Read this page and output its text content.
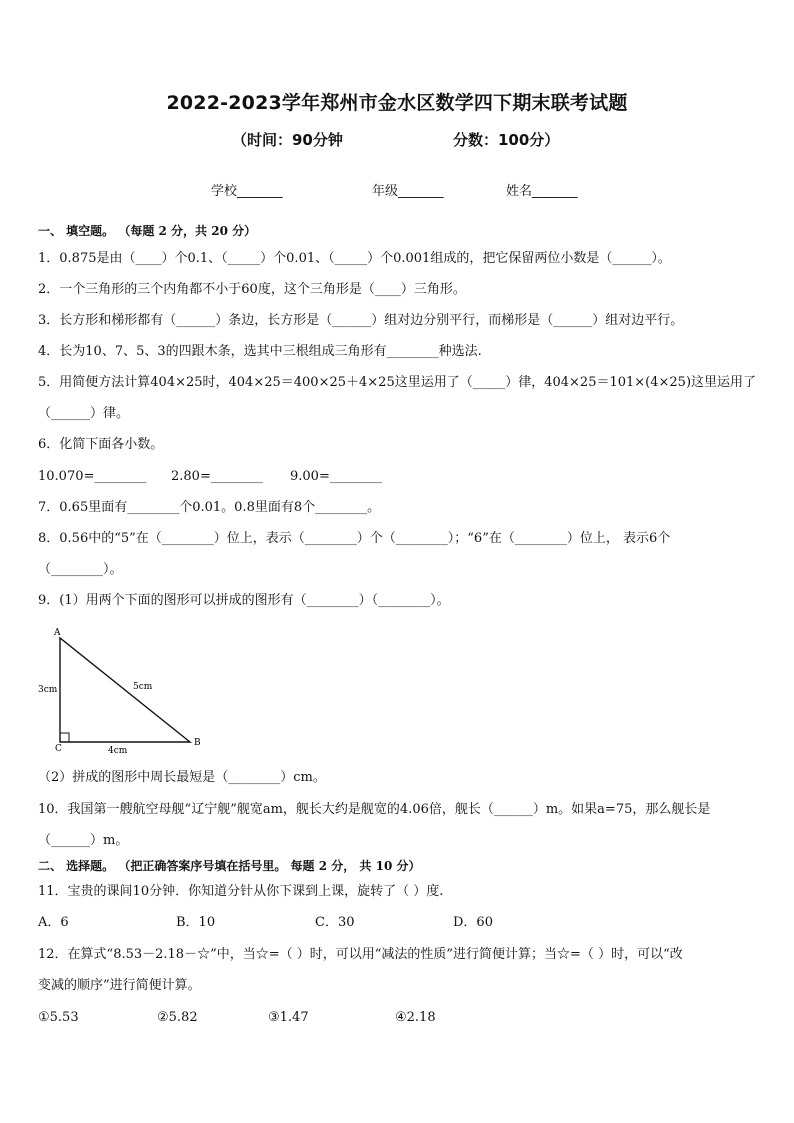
2022-2023学年郑州市金水区数学四下期末联考试题
（时间：90分钟	分数：100分）
学校_______	年级_______	姓名_______
一、 填空题。 （每题 2 分，共 20 分）
1．0.875是由（____）个0.1、（_____）个0.01、（_____）个0.001组成的，把它保留两位小数是（______）。
2．一个三角形的三个内角都不小于60度，这个三角形是（____）三角形。
3．长方形和梯形都有（______）条边，长方形是（______）组对边分别平行，而梯形是（______）组对边平行。
4．长为10、7、5、3的四跟木条，选其中三根组成三角形有________种选法.
5．用简便方法计算404×25时，404×25＝400×25＋4×25这里运用了（_____）律，404×25＝101×(4×25)这里运用了
（______）律。
6．化简下面各小数。
10.070=________ 2.80=________ 9.00=________
7．0.65里面有________个0.01。0.8里面有8个________。
8．0.56中的“5”在（________）位上，表示（________）个（________）；“6”在（________）位上， 表示6个
（________）。
9．(1）用两个下面的图形可以拼成的图形有（________）（________）。
A
B
C
3cm	5cm
4cm
（2）拼成的图形中周长最短是（________）cm。
10．我国第一艘航空母舰“辽宁舰”舰宽am，舰长大约是舰宽的4.06倍，舰长（______）m。如果a=75，那么舰长是
（______）m。
二、 选择题。 （把正确答案序号填在括号里。 每题 2 分， 共 10 分）
11．宝贵的课间10分钟．你知道分针从你下课到上课，旋转了（ ）度.
A．6	B．10	C．30	D．60
12．在算式“8.53－2.18－☆”中，当☆=（ ）时，可以用“减法的性质”进行简便计算；当☆=（ ）时，可以“改
变减的顺序”进行简便计算。
①5.53	②5.82	③1.47	④2.18
